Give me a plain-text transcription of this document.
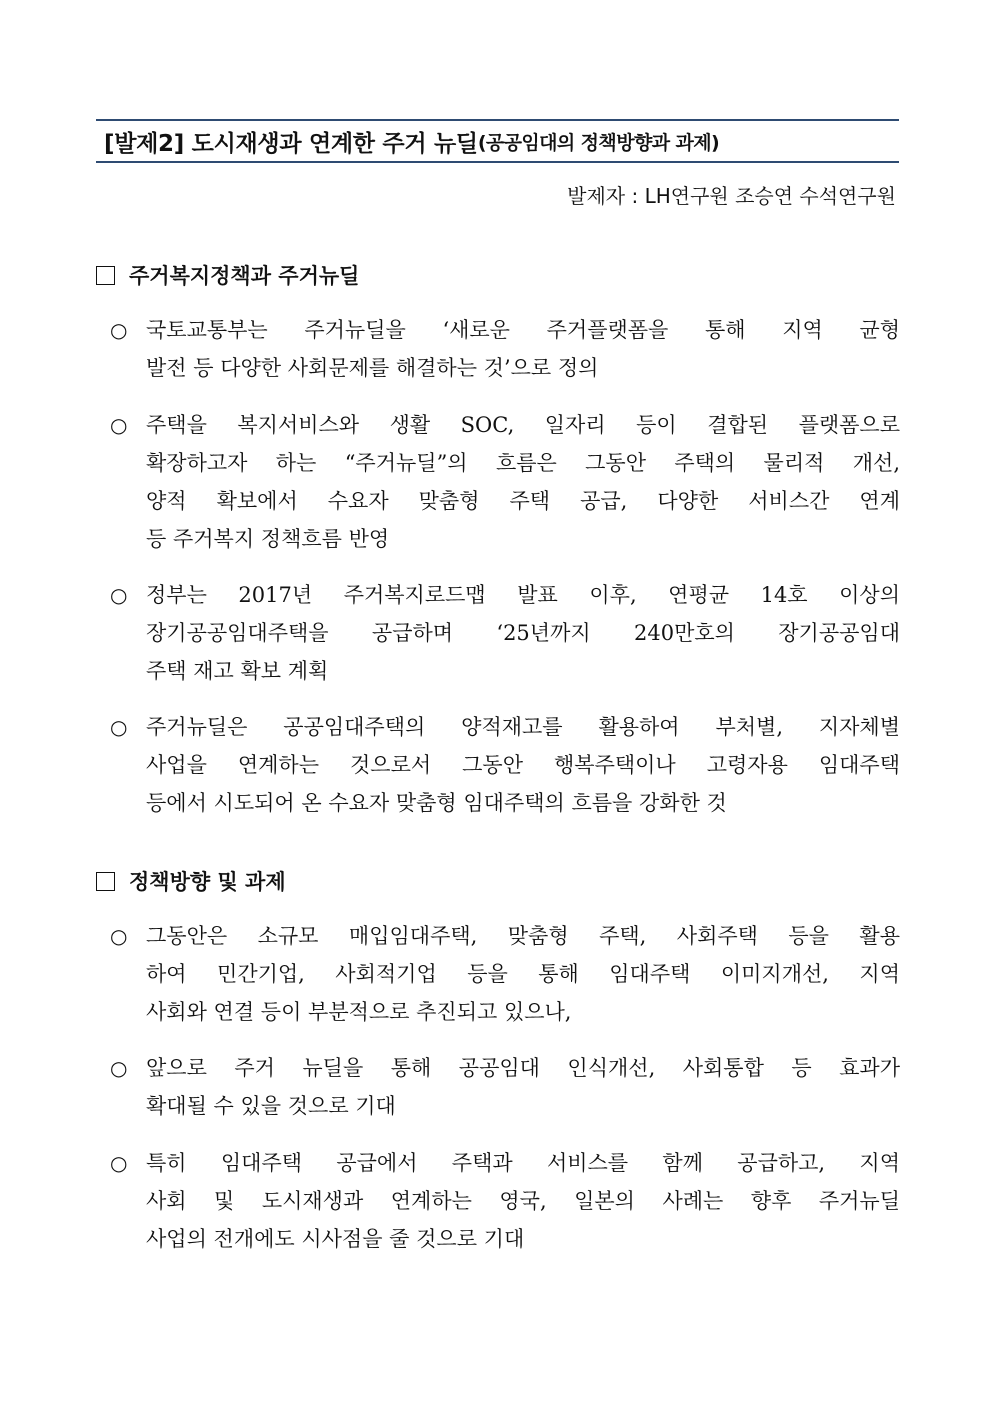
[발제2] 도시재생과 연계한 주거 뉴딜 (공공임대의 정책방향과 과제)
발제자 : LH연구원 조승연 수석연구원
주거복지정책과 주거뉴딜
○ 국토교통부는 주거뉴딜을 ‘새로운 주거플랫폼을 통해 지역 균형
발전 등 다양한 사회문제를 해결하는 것’으로 정의
○ 주택을 복지서비스와 생활 SOC, 일자리 등이 결합된 플랫폼으로
확장하고자 하는 “주거뉴딜”의 흐름은 그동안 주택의 물리적 개선,
양적 확보에서 수요자 맞춤형 주택 공급, 다양한 서비스간 연계
등 주거복지 정책흐름 반영
○ 정부는 2017년 주거복지로드맵 발표 이후, 연평균 14호 이상의
장기공공임대주택을 공급하며 ‘25년까지 240만호의 장기공공임대
주택 재고 확보 계획
○ 주거뉴딜은 공공임대주택의 양적재고를 활용하여 부처별, 지자체별
사업을 연계하는 것으로서 그동안 행복주택이나 고령자용 임대주택
등에서 시도되어 온 수요자 맞춤형 임대주택의 흐름을 강화한 것
정책방향 및 과제
○ 그동안은 소규모 매입임대주택, 맞춤형 주택, 사회주택 등을 활용
하여 민간기업, 사회적기업 등을 통해 임대주택 이미지개선, 지역
사회와 연결 등이 부분적으로 추진되고 있으나,
○ 앞으로 주거 뉴딜을 통해 공공임대 인식개선, 사회통합 등 효과가
확대될 수 있을 것으로 기대
○ 특히 임대주택 공급에서 주택과 서비스를 함께 공급하고, 지역
사회 및 도시재생과 연계하는 영국, 일본의 사례는 향후 주거뉴딜
사업의 전개에도 시사점을 줄 것으로 기대
